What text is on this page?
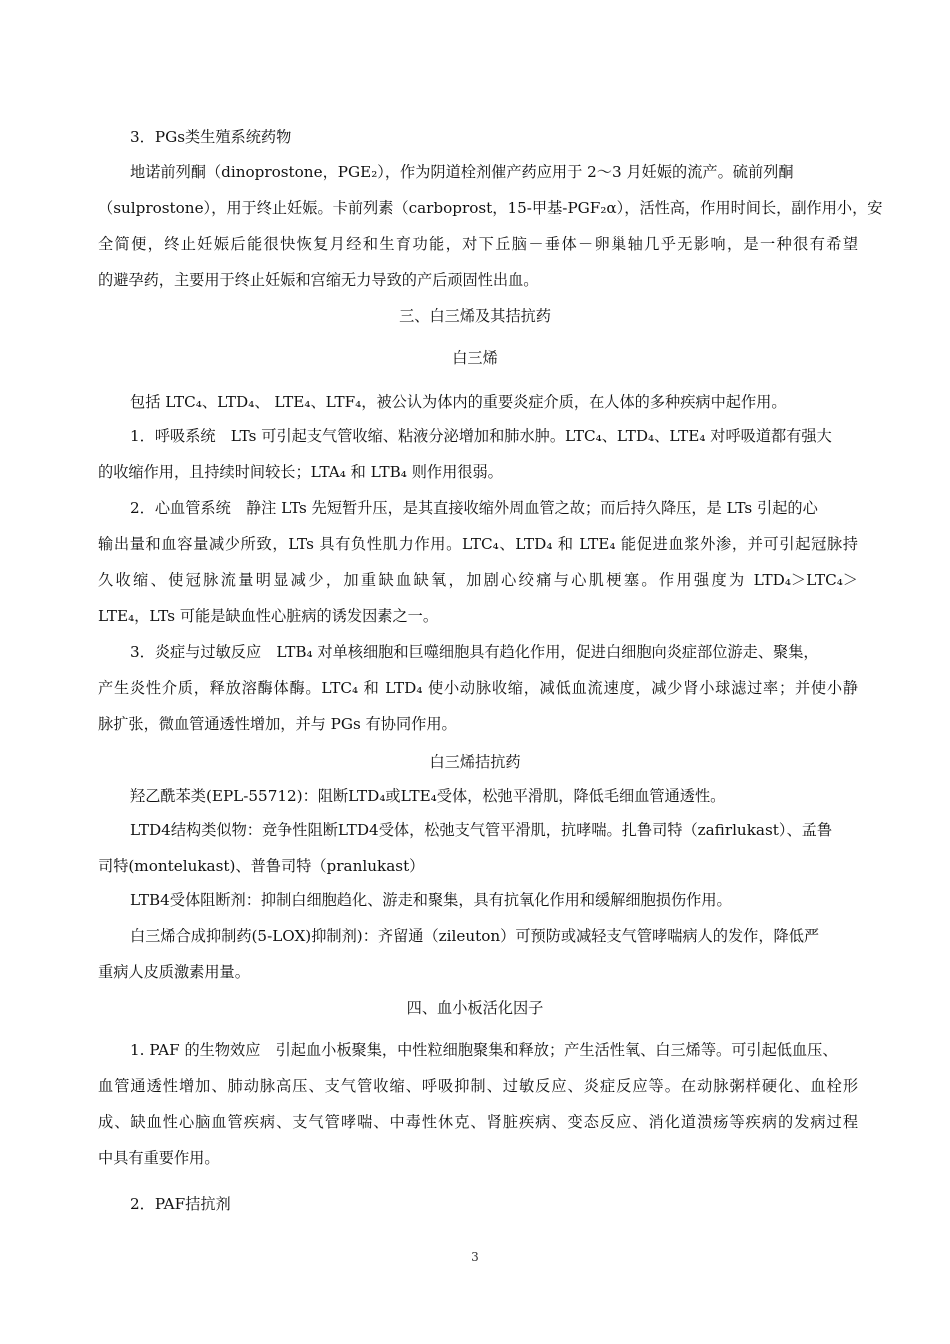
3．PGs类生殖系统药物
地诺前列酮（dinoprostone，PGE₂），作为阴道栓剂催产药应用于 2～3 月妊娠的流产。硫前列酮
（sulprostone），用于终止妊娠。卡前列素（carboprost，15-甲基-PGF₂α），活性高，作用时间长，副作用小，安
全简便，终止妊娠后能很快恢复月经和生育功能，对下丘脑－垂体－卵巢轴几乎无影响，是一种很有希望
的避孕药，主要用于终止妊娠和宫缩无力导致的产后顽固性出血。
三、白三烯及其拮抗药
白三烯
包括 LTC₄、LTD₄、 LTE₄、LTF₄，被公认为体内的重要炎症介质，在人体的多种疾病中起作用。
1．呼吸系统　LTs 可引起支气管收缩、粘液分泌增加和肺水肿。LTC₄、LTD₄、LTE₄ 对呼吸道都有强大
的收缩作用，且持续时间较长；LTA₄ 和 LTB₄ 则作用很弱。
2．心血管系统　静注 LTs 先短暂升压，是其直接收缩外周血管之故；而后持久降压，是 LTs 引起的心
输出量和血容量减少所致，LTs 具有负性肌力作用。LTC₄、LTD₄ 和 LTE₄ 能促进血浆外渗，并可引起冠脉持
久收缩、使冠脉流量明显减少，加重缺血缺氧，加剧心绞痛与心肌梗塞。作用强度为 LTD₄＞LTC₄＞
LTE₄，LTs 可能是缺血性心脏病的诱发因素之一。
3．炎症与过敏反应　LTB₄ 对单核细胞和巨噬细胞具有趋化作用，促进白细胞向炎症部位游走、聚集，
产生炎性介质，释放溶酶体酶。LTC₄ 和 LTD₄ 使小动脉收缩，减低血流速度，减少肾小球滤过率；并使小静
脉扩张，微血管通透性增加，并与 PGs 有协同作用。
白三烯拮抗药
羟乙酰苯类(EPL-55712)：阻断LTD₄或LTE₄受体，松弛平滑肌，降低毛细血管通透性。
LTD4结构类似物：竞争性阻断LTD4受体，松弛支气管平滑肌，抗哮喘。扎鲁司特（zafirlukast）、孟鲁
司特(montelukast)、普鲁司特（pranlukast）
LTB4受体阻断剂：抑制白细胞趋化、游走和聚集，具有抗氧化作用和缓解细胞损伤作用。
白三烯合成抑制药(5-LOX)抑制剂)：齐留通（zileuton）可预防或减轻支气管哮喘病人的发作，降低严
重病人皮质激素用量。
四、血小板活化因子
1. PAF 的生物效应　引起血小板聚集，中性粒细胞聚集和释放；产生活性氧、白三烯等。可引起低血压、
血管通透性增加、肺动脉高压、支气管收缩、呼吸抑制、过敏反应、炎症反应等。在动脉粥样硬化、血栓形
成、缺血性心脑血管疾病、支气管哮喘、中毒性休克、肾脏疾病、变态反应、消化道溃疡等疾病的发病过程
中具有重要作用。
2．PAF拮抗剂
3
